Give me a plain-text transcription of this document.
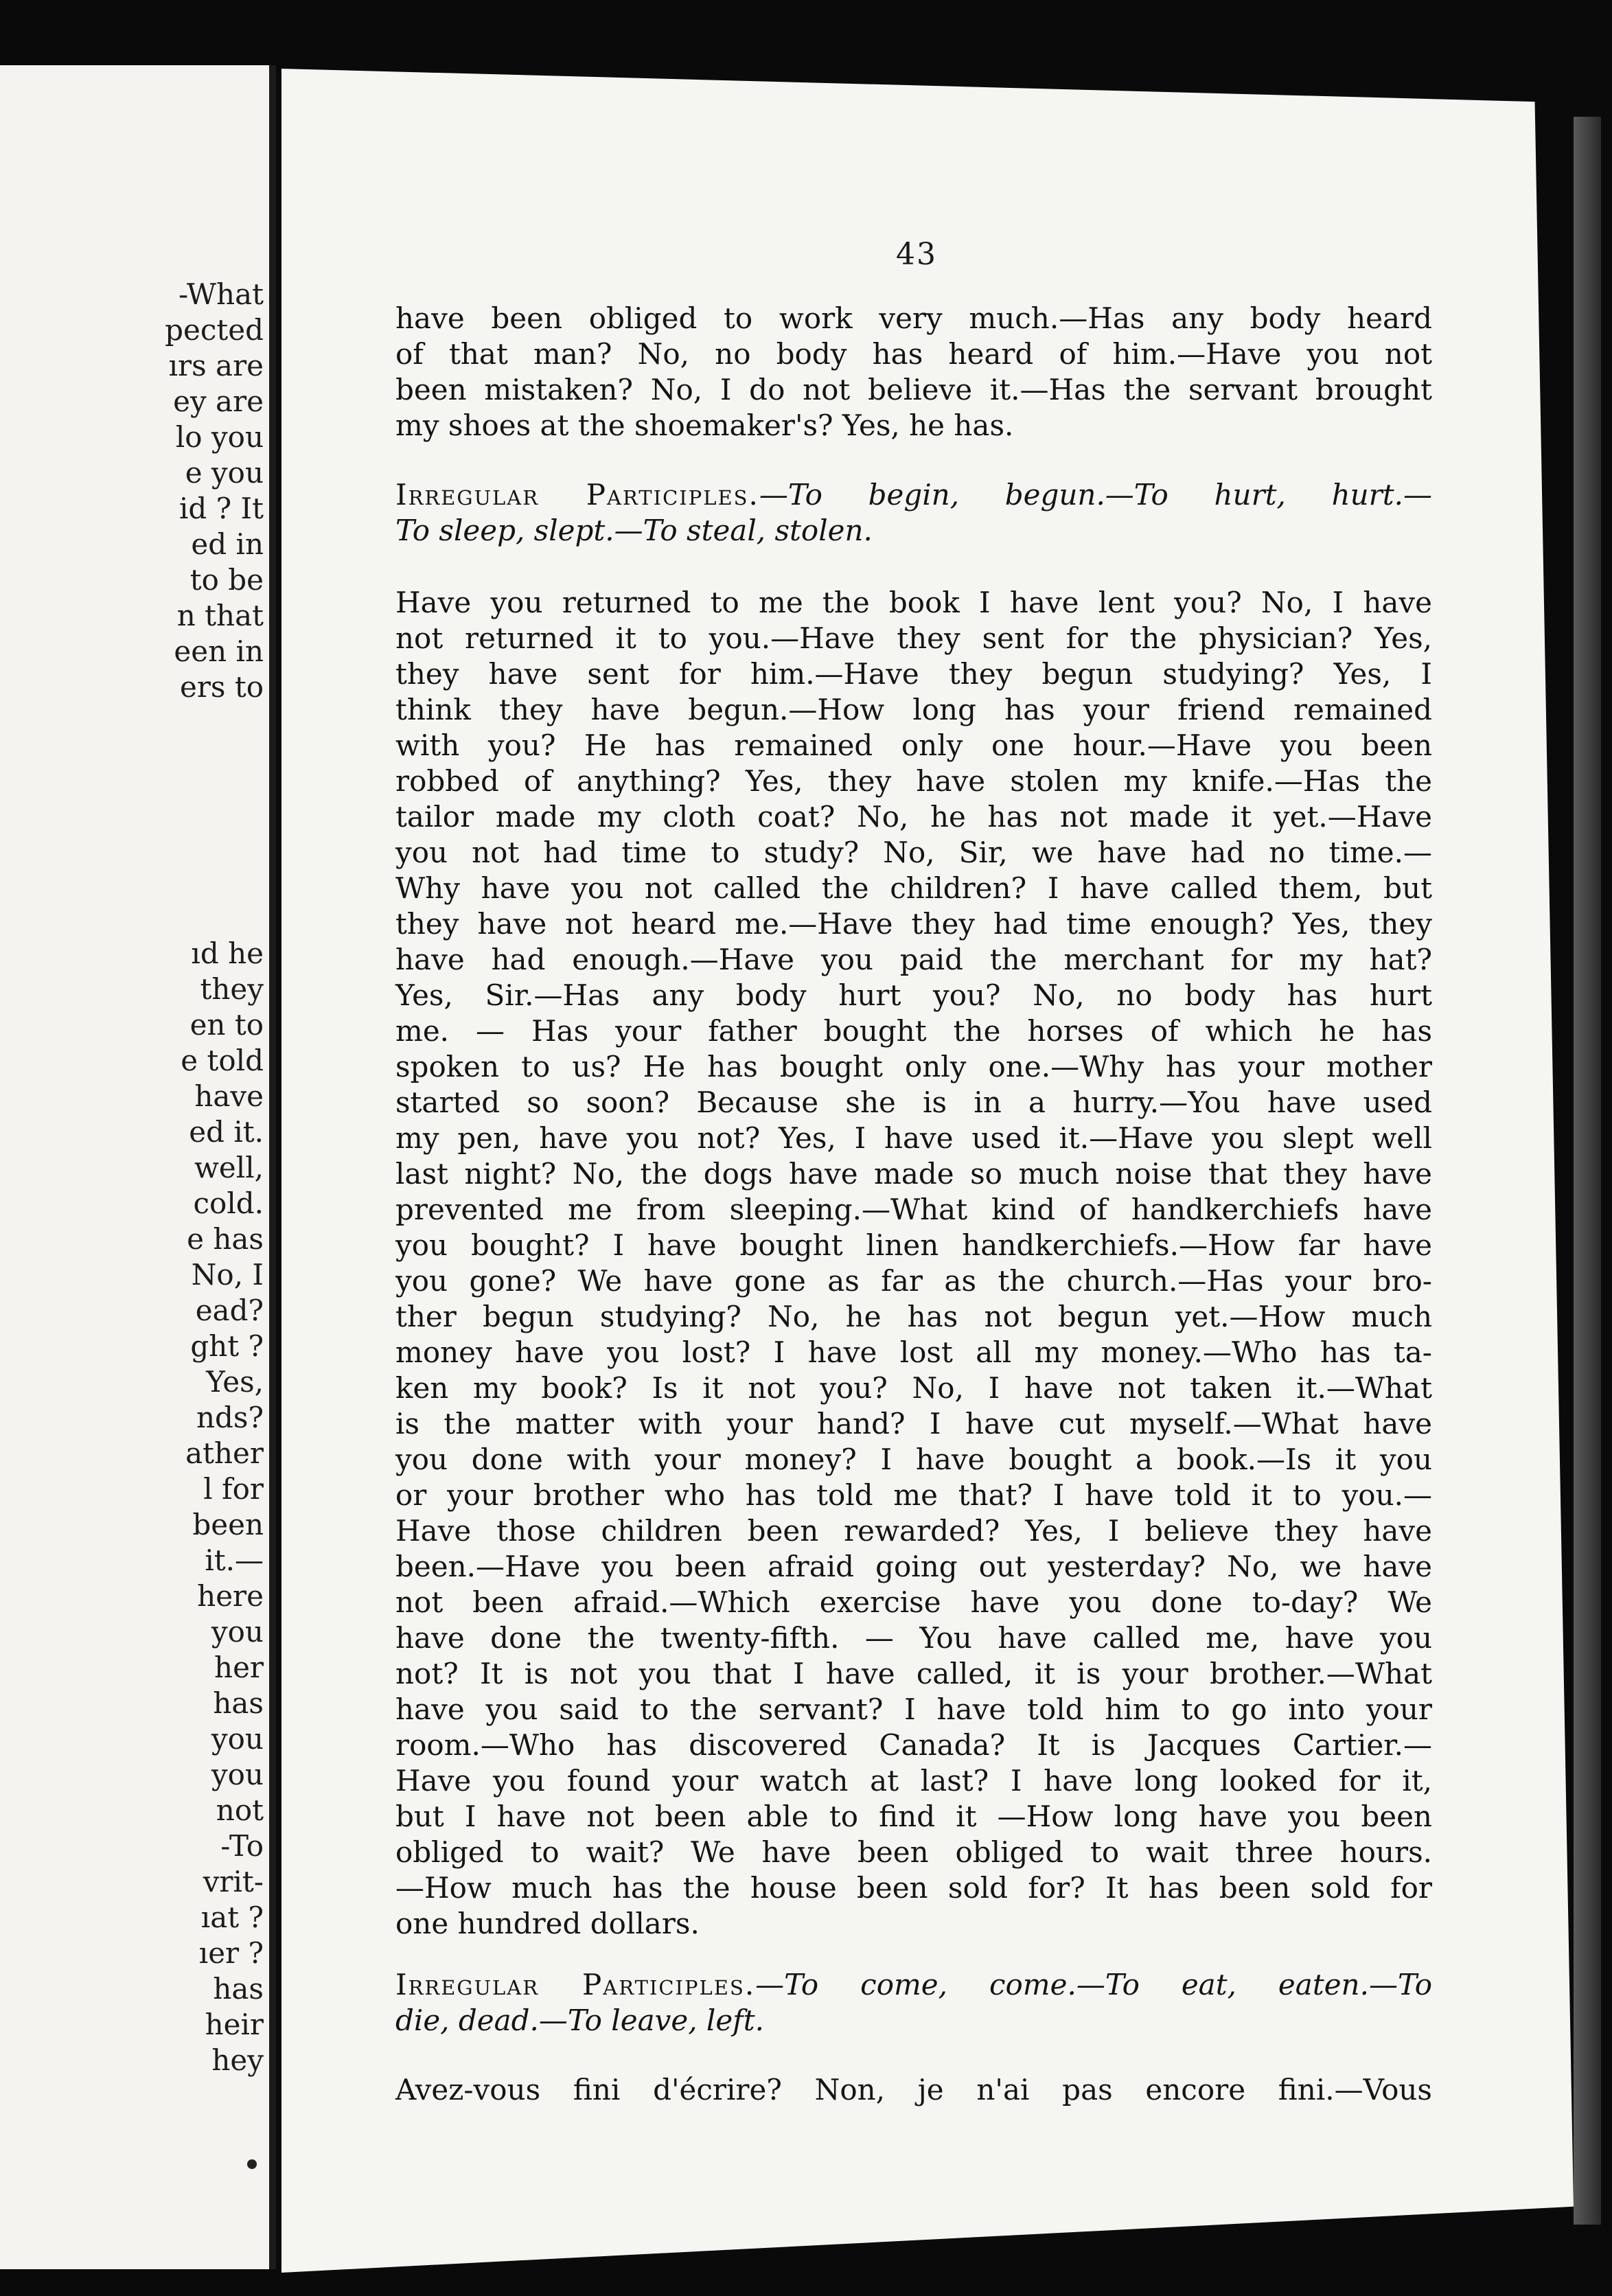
-What
pected
ırs are
ey are
lo you
e you
id ? It
ed in
to be
n that
een in
ers to
ıd he
they
en to
e told
have
ed it.
well,
cold.
e has
No, I
ead?
ght ?
Yes,
nds?
ather
l for
been
it.—
here
you
her
has
you
you
not
-To
vrit-
ıat ?
ıer ?
has
heir
hey
43
have been obliged to work very much.—Has any body heard
of that man? No, no body has heard of him.—Have you not
been mistaken? No, I do not believe it.—Has the servant brought
my shoes at the shoemaker's? Yes, he has.
Irregular Participles.—To begin, begun.—To hurt, hurt.—
To sleep, slept.—To steal, stolen.
Have you returned to me the book I have lent you? No, I have
not returned it to you.—Have they sent for the physician? Yes,
they have sent for him.—Have they begun studying? Yes, I
think they have begun.—How long has your friend remained
with you? He has remained only one hour.—Have you been
robbed of anything? Yes, they have stolen my knife.—Has the
tailor made my cloth coat? No, he has not made it yet.—Have
you not had time to study? No, Sir, we have had no time.—
Why have you not called the children? I have called them, but
they have not heard me.—Have they had time enough? Yes, they
have had enough.—Have you paid the merchant for my hat?
Yes, Sir.—Has any body hurt you? No, no body has hurt
me. — Has your father bought the horses of which he has
spoken to us? He has bought only one.—Why has your mother
started so soon? Because she is in a hurry.—You have used
my pen, have you not? Yes, I have used it.—Have you slept well
last night? No, the dogs have made so much noise that they have
prevented me from sleeping.—What kind of handkerchiefs have
you bought? I have bought linen handkerchiefs.—How far have
you gone? We have gone as far as the church.—Has your bro-
ther begun studying? No, he has not begun yet.—How much
money have you lost? I have lost all my money.—Who has ta-
ken my book? Is it not you? No, I have not taken it.—What
is the matter with your hand? I have cut myself.—What have
you done with your money? I have bought a book.—Is it you
or your brother who has told me that? I have told it to you.—
Have those children been rewarded? Yes, I believe they have
been.—Have you been afraid going out yesterday? No, we have
not been afraid.—Which exercise have you done to-day? We
have done the twenty-fifth. — You have called me, have you
not? It is not you that I have called, it is your brother.—What
have you said to the servant? I have told him to go into your
room.—Who has discovered Canada? It is Jacques Cartier.—
Have you found your watch at last? I have long looked for it,
but I have not been able to find it —How long have you been
obliged to wait? We have been obliged to wait three hours.
—How much has the house been sold for? It has been sold for
one hundred dollars.
Irregular Participles.—To come, come.—To eat, eaten.—To
die, dead.—To leave, left.
Avez-vous fini d'écrire? Non, je n'ai pas encore fini.—Vous
